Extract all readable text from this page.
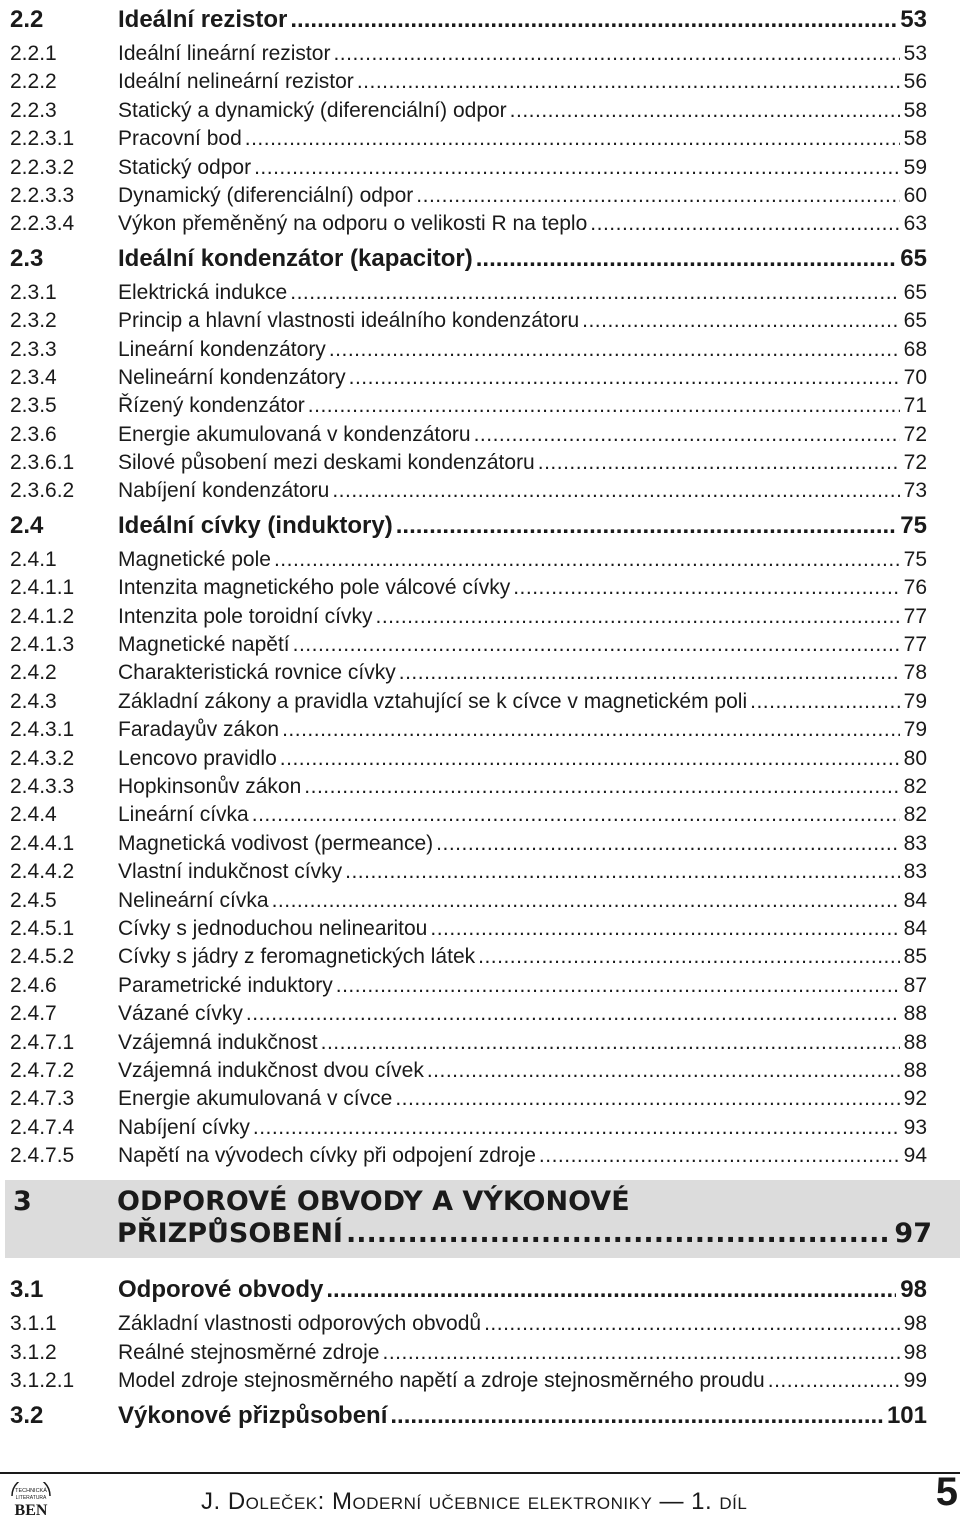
2.2	Ideální rezistor .....	53
2.2.1	Ideální lineární rezistor .....	53
2.2.2	Ideální nelineární rezistor .....	56
2.2.3	Statický a dynamický (diferenciální) odpor .....	58
2.2.3.1 Pracovní bod .....	58
2.2.3.2 Statický odpor .....	59
2.2.3.3 Dynamický (diferenciální) odpor .....	60
2.2.3.4 Výkon přeměněný na odporu o velikosti R na teplo .....	63
2.3	Ideální kondenzátor (kapacitor) .....	65
2.3.1	Elektrická indukce .....	65
2.3.2	Princip a hlavní vlastnosti ideálního kondenzátoru .....	65
2.3.3	Lineární kondenzátory .....	68
2.3.4	Nelineární kondenzátory .....	70
2.3.5	Řízený kondenzátor .....	71
2.3.6	Energie akumulovaná v kondenzátoru .....	72
2.3.6.1 Silové působení mezi deskami kondenzátoru .....	72
2.3.6.2 Nabíjení kondenzátoru .....	73
2.4	Ideální cívky (induktory) .....	75
2.4.1	Magnetické pole .....	75
2.4.1.1 Intenzita magnetického pole válcové cívky .....	76
2.4.1.2 Intenzita pole toroidní cívky .....	77
2.4.1.3 Magnetické napětí .....	77
2.4.2	Charakteristická rovnice cívky .....	78
2.4.3	Základní zákony a pravidla vztahující se k cívce v magnetickém poli .....	79
2.4.3.1 Faradayův zákon .....	79
2.4.3.2 Lencovo pravidlo .....	80
2.4.3.3 Hopkinsonův zákon .....	82
2.4.4	Lineární cívka .....	82
2.4.4.1 Magnetická vodivost (permeance) .....	83
2.4.4.2 Vlastní indukčnost cívky .....	83
2.4.5	Nelineární cívka .....	84
2.4.5.1 Cívky s jednoduchou nelinearitou .....	84
2.4.5.2 Cívky s jádry z feromagnetických látek .....	85
2.4.6	Parametrické induktory .....	87
2.4.7	Vázané cívky .....	88
2.4.7.1 Vzájemná indukčnost .....	88
2.4.7.2 Vzájemná indukčnost dvou cívek .....	88
2.4.7.3 Energie akumulovaná v cívce .....	92
2.4.7.4 Nabíjení cívky .....	93
2.4.7.5 Napětí na vývodech cívky při odpojení zdroje .....	94
3	ODPOROVÉ OBVODY A VÝKONOVÉ
PŘIZPŮSOBENÍ .....	97
3.1	Odporové obvody .....	98
3.1.1	Základní vlastnosti odporových obvodů .....	98
3.1.2	Reálné stejnosměrné zdroje .....	98
3.1.2.1 Model zdroje stejnosměrného napětí a zdroje stejnosměrného proudu .....	99
3.2	Výkonové přizpůsobení .....	101
TECHNICKÁ
LITERATURA
BEN	J. Doleček: Moderní učebnice elektroniky — 1. díl	5
